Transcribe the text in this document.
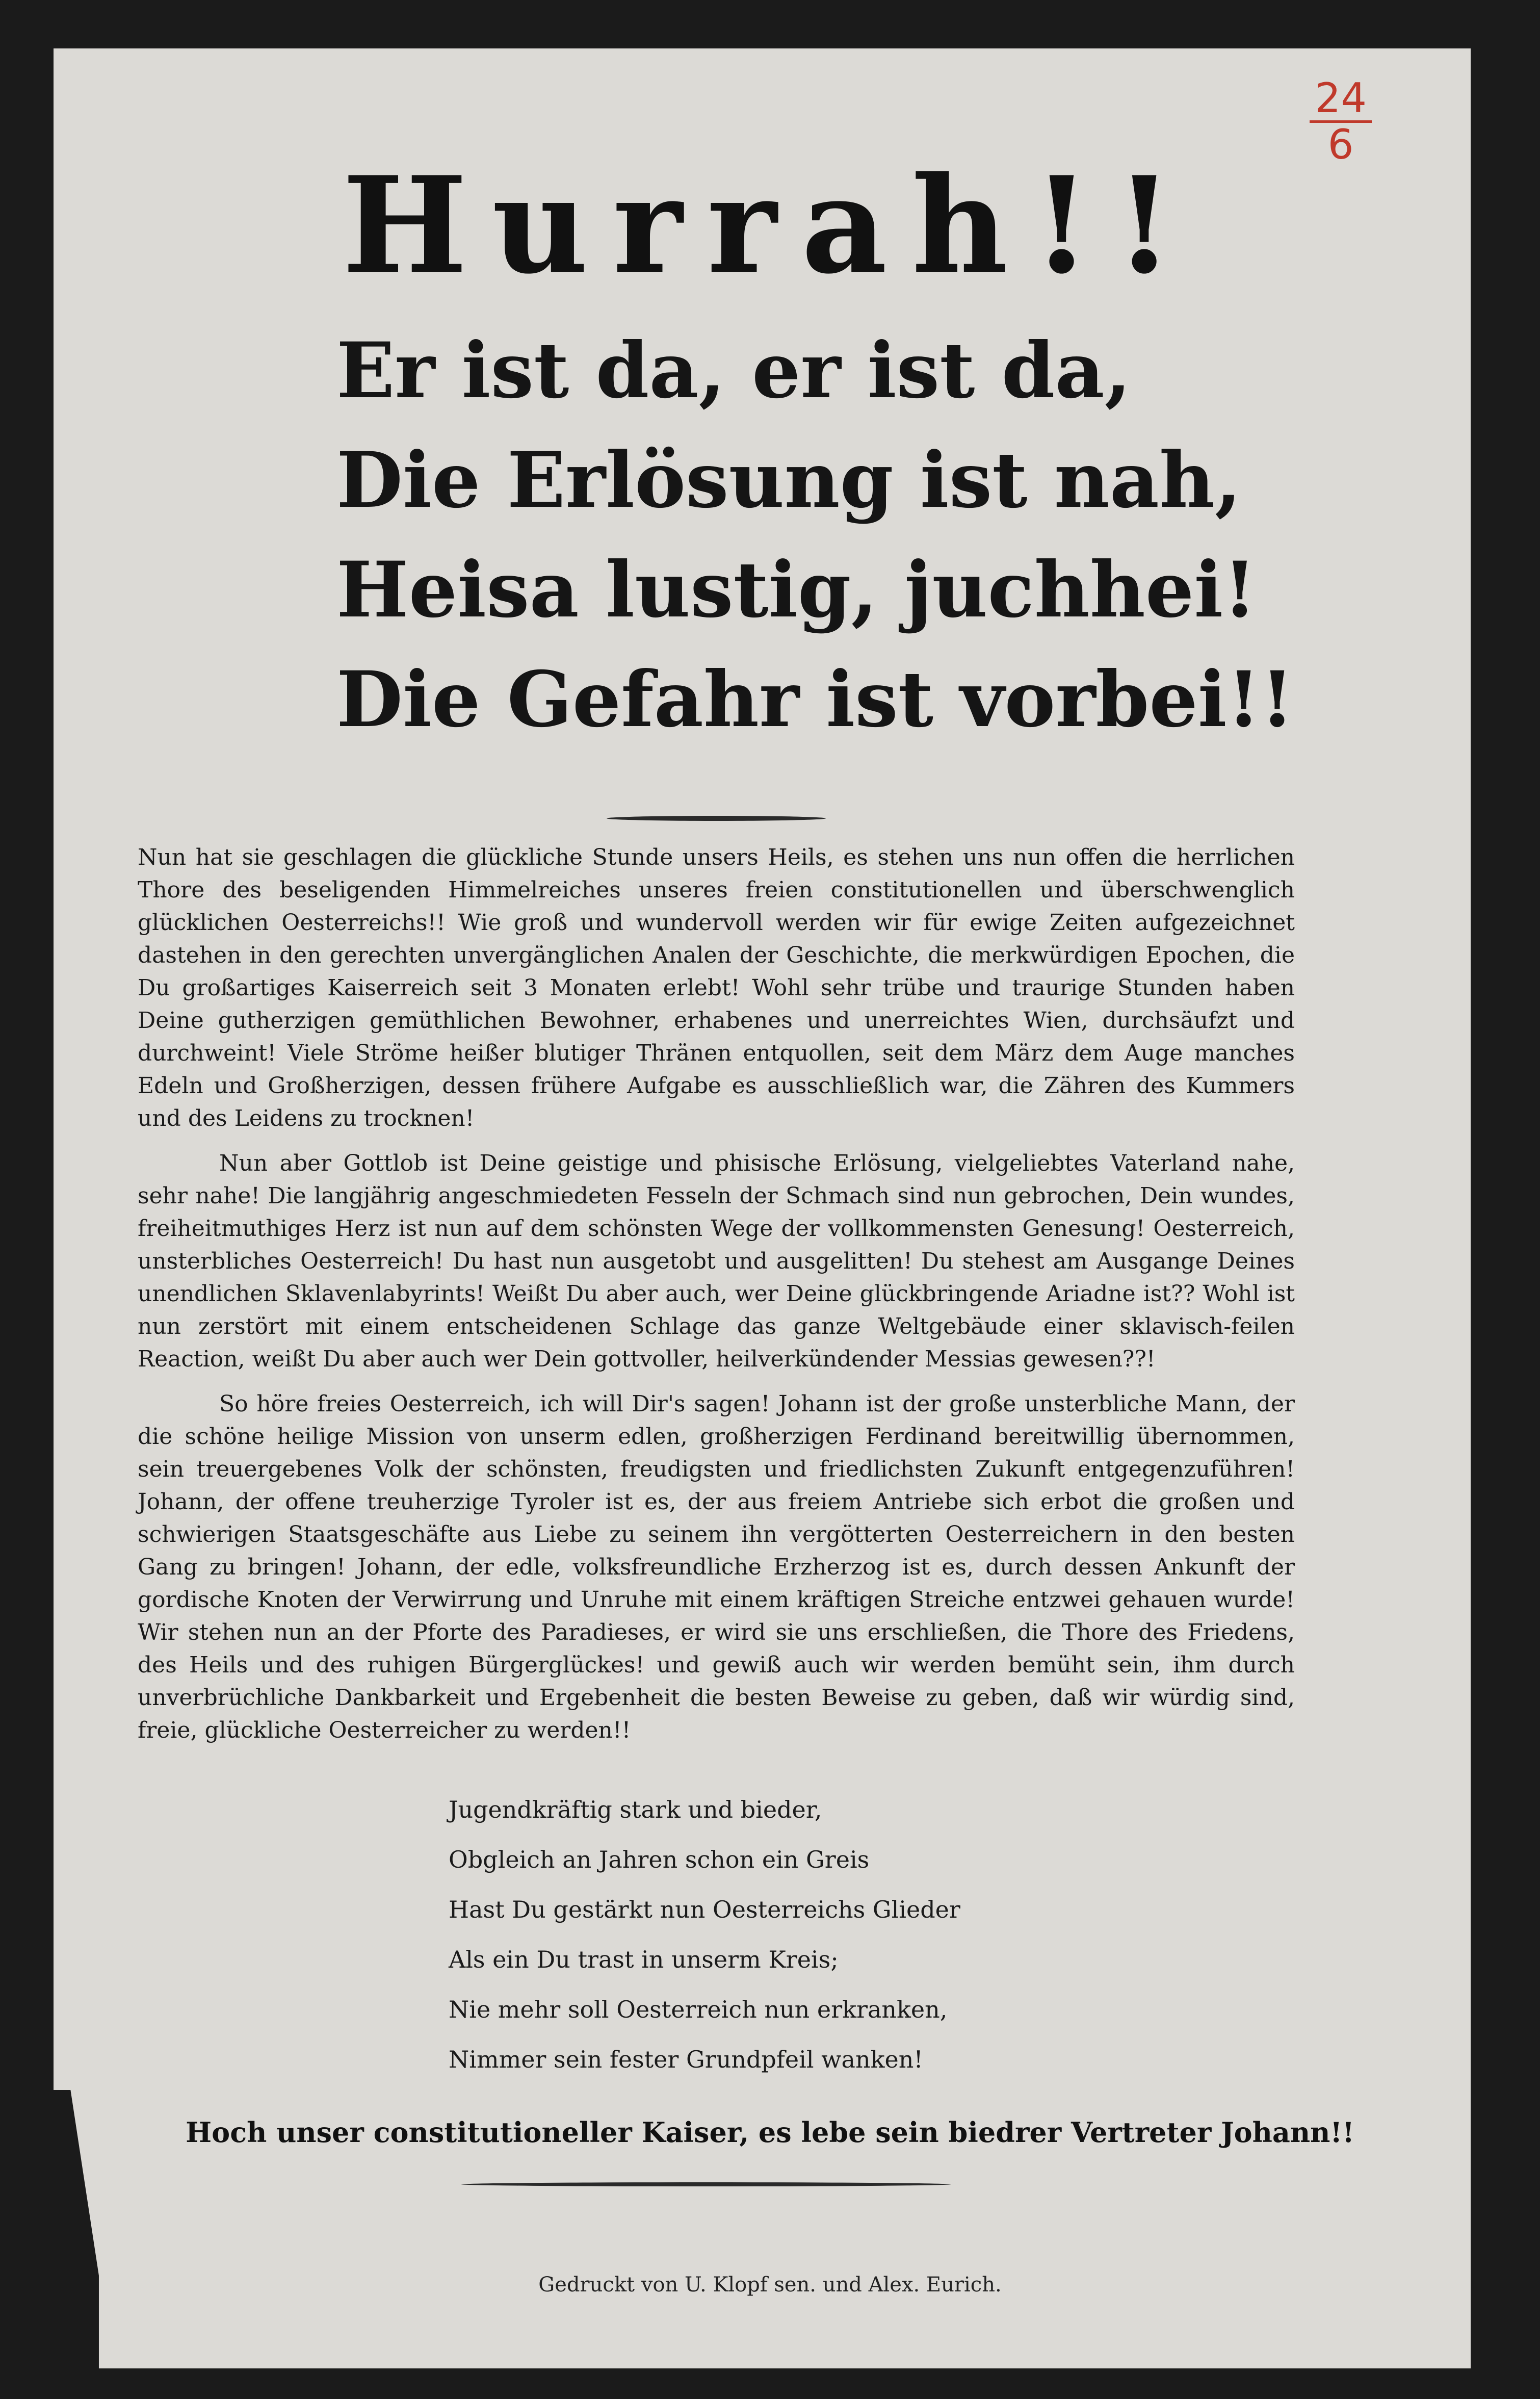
24
6
Hurrah!!
Er ist da, er ist da,
Die Erlösung ist nah,
Heisa lustig, juchhei!
Die Gefahr ist vorbei!!

Nun hat sie geschlagen die glückliche Stunde unsers Heils, es stehen uns nun offen die herrlichen Thore des beseligenden Himmelreiches unseres freien constitutionellen und überschwenglich glücklichen Oesterreichs!! Wie groß und wundervoll werden wir für ewige Zeiten aufgezeichnet dastehen in den gerechten unvergänglichen Analen der Geschichte, die merkwürdigen Epochen, die Du großartiges Kaiserreich seit 3 Monaten erlebt! Wohl sehr trübe und traurige Stunden haben Deine gutherzigen gemüthlichen Bewohner, erhabenes und unerreichtes Wien, durchsäufzt und durchweint! Viele Ströme heißer blutiger Thränen entquollen, seit dem März dem Auge manches Edeln und Großherzigen, dessen frühere Aufgabe es ausschließlich war, die Zähren des Kummers und des Leidens zu trocknen!

Nun aber Gottlob ist Deine geistige und phisische Erlösung, vielgeliebtes Vaterland nahe, sehr nahe! Die langjährig angeschmiedeten Fesseln der Schmach sind nun gebrochen, Dein wundes, freiheitmuthiges Herz ist nun auf dem schönsten Wege der vollkommensten Genesung! Oesterreich, unsterbliches Oesterreich! Du hast nun ausgetobt und ausgelitten! Du stehest am Ausgange Deines unendlichen Sklavenlabyrints! Weißt Du aber auch, wer Deine glückbringende Ariadne ist?? Wohl ist nun zerstört mit einem entscheidenen Schlage das ganze Weltgebäude einer sklavisch-feilen Reaction, weißt Du aber auch wer Dein gottvoller, heilverkündender Messias gewesen??!

So höre freies Oesterreich, ich will Dir's sagen! Johann ist der große unsterbliche Mann, der die schöne heilige Mission von unserm edlen, großherzigen Ferdinand bereitwillig übernommen, sein treuergebenes Volk der schönsten, freudigsten und friedlichsten Zukunft entgegenzuführen! Johann, der offene treuherzige Tyroler ist es, der aus freiem Antriebe sich erbot die großen und schwierigen Staatsgeschäfte aus Liebe zu seinem ihn vergötterten Oesterreichern in den besten Gang zu bringen! Johann, der edle, volksfreundliche Erzherzog ist es, durch dessen Ankunft der gordische Knoten der Verwirrung und Unruhe mit einem kräftigen Streiche entzwei gehauen wurde! Wir stehen nun an der Pforte des Paradieses, er wird sie uns erschließen, die Thore des Friedens, des Heils und des ruhigen Bürgerglückes! und gewiß auch wir werden bemüht sein, ihm durch unverbrüchliche Dankbarkeit und Ergebenheit die besten Beweise zu geben, daß wir würdig sind, freie, glückliche Oesterreicher zu werden!!

Jugendkräftig stark und bieder,
Obgleich an Jahren schon ein Greis
Hast Du gestärkt nun Oesterreichs Glieder
Als ein Du trast in unserm Kreis;
Nie mehr soll Oesterreich nun erkranken,
Nimmer sein fester Grundpfeil wanken!
Hoch unser constitutioneller Kaiser, es lebe sein biedrer Vertreter Johann!!
Gedruckt von U. Klopf sen. und Alex. Eurich.
